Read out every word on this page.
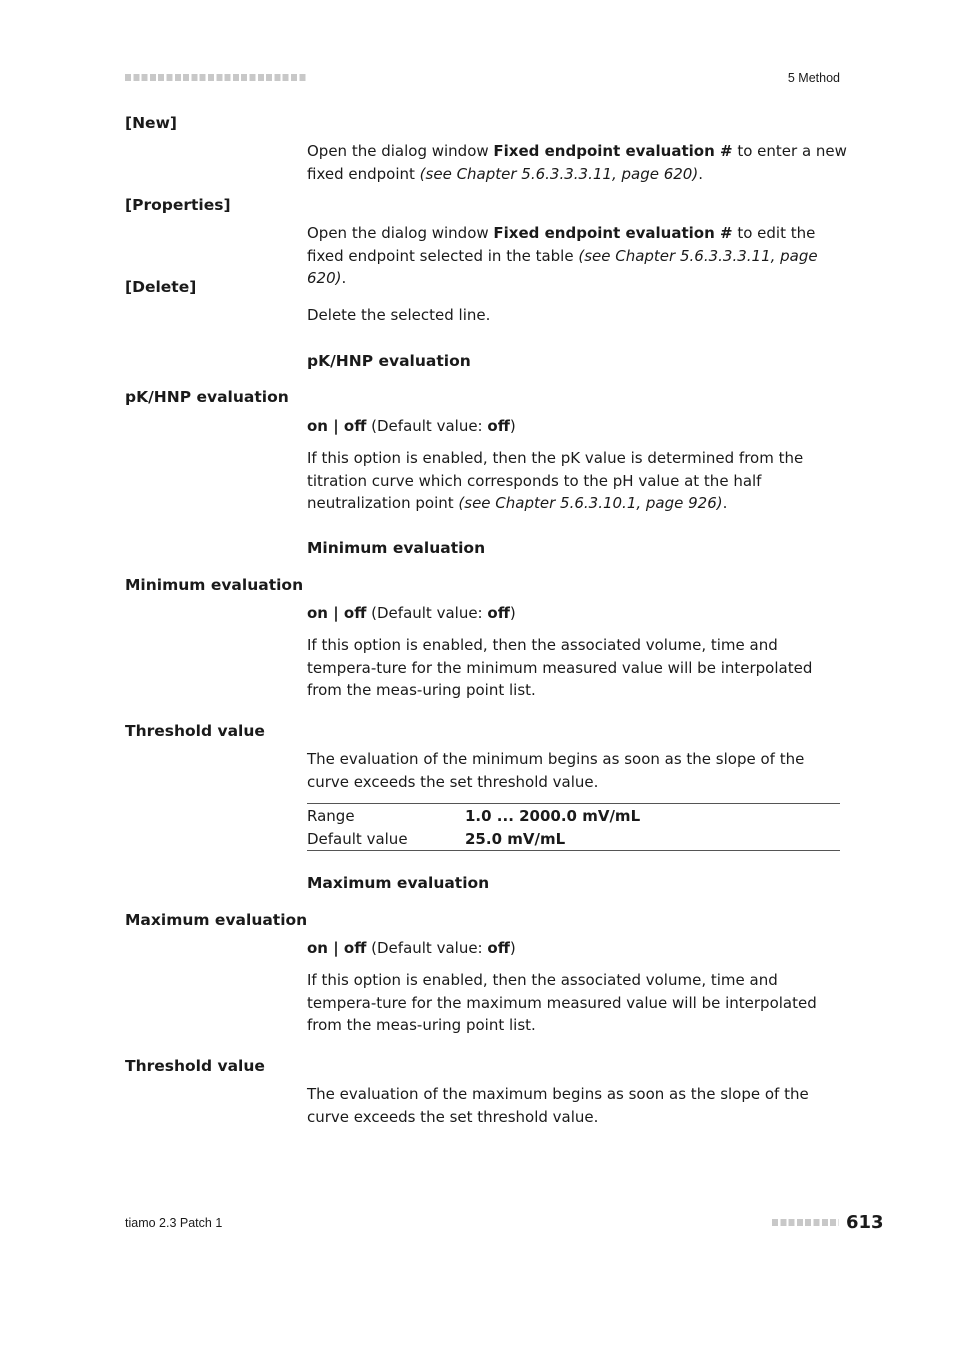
5 Method
[New]
Open the dialog window Fixed endpoint evaluation # to enter a new fixed endpoint (see Chapter 5.6.3.3.3.11, page 620).
[Properties]
Open the dialog window Fixed endpoint evaluation # to edit the fixed endpoint selected in the table (see Chapter 5.6.3.3.3.11, page 620).
[Delete]
Delete the selected line.
pK/HNP evaluation
pK/HNP evaluation
on | off (Default value: off)
If this option is enabled, then the pK value is determined from the titration curve which corresponds to the pH value at the half neutralization point (see Chapter 5.6.3.10.1, page 926).
Minimum evaluation
Minimum evaluation
on | off (Default value: off)
If this option is enabled, then the associated volume, time and tempera-ture for the minimum measured value will be interpolated from the meas-uring point list.
Threshold value
The evaluation of the minimum begins as soon as the slope of the curve exceeds the set threshold value.
Range	1.0 ... 2000.0 mV/mL
Default value	25.0 mV/mL
Maximum evaluation
Maximum evaluation
on | off (Default value: off)
If this option is enabled, then the associated volume, time and tempera-ture for the maximum measured value will be interpolated from the meas-uring point list.
Threshold value
The evaluation of the maximum begins as soon as the slope of the curve exceeds the set threshold value.
tiamo 2.3 Patch 1	613
